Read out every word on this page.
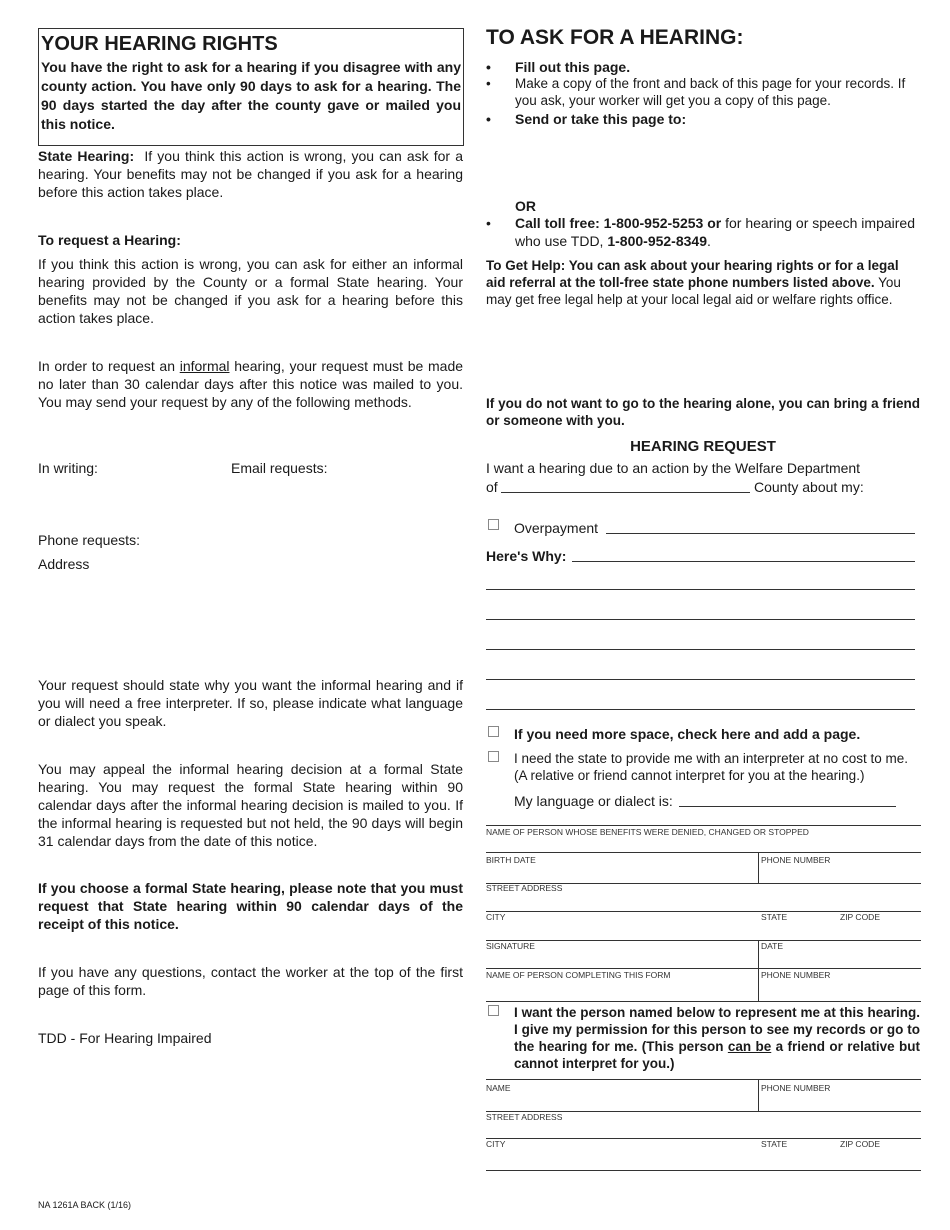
YOUR HEARING RIGHTS

You have the right to ask for a hearing if you disagree with any county action. You have only 90 days to ask for a hearing. The 90 days started the day after the county gave or mailed you this notice.

State Hearing: If you think this action is wrong, you can ask for a hearing. Your benefits may not be changed if you ask for a hearing before this action takes place.
To request a Hearing:
If you think this action is wrong, you can ask for either an informal hearing provided by the County or a formal State hearing. Your benefits may not be changed if you ask for a hearing before this action takes place.
In order to request an informal hearing, your request must be made no later than 30 calendar days after this notice was mailed to you. You may send your request by any of the following methods.
In writing:	Email requests:
Phone requests:
Address
Your request should state why you want the informal hearing and if you will need a free interpreter. If so, please indicate what language or dialect you speak.
You may appeal the informal hearing decision at a formal State hearing. You may request the formal State hearing within 90 calendar days after the informal hearing decision is mailed to you. If the informal hearing is requested but not held, the 90 days will begin 31 calendar days from the date of this notice.
If you choose a formal State hearing, please note that you must request that State hearing within 90 calendar days of the receipt of this notice.
If you have any questions, contact the worker at the top of the first page of this form.
TDD - For Hearing Impaired
NA 1261A BACK (1/16)
TO ASK FOR A HEARING:
• Fill out this page.
• Make a copy of the front and back of this page for your records. If you ask, your worker will get you a copy of this page.
• Send or take this page to:
OR
• Call toll free: 1-800-952-5253 or for hearing or speech impaired who use TDD, 1-800-952-8349.
To Get Help: You can ask about your hearing rights or for a legal aid referral at the toll-free state phone numbers listed above. You may get free legal help at your local legal aid or welfare rights office.
If you do not want to go to the hearing alone, you can bring a friend or someone with you.
HEARING REQUEST
I want a hearing due to an action by the Welfare Department
of	County about my:
Overpayment
Here's Why:
If you need more space, check here and add a page.
I need the state to provide me with an interpreter at no cost to me.
(A relative or friend cannot interpret for you at the hearing.)
My language or dialect is:
NAME OF PERSON WHOSE BENEFITS WERE DENIED, CHANGED OR STOPPED
BIRTH DATE	PHONE NUMBER
STREET ADDRESS
CITY	STATE	ZIP CODE
SIGNATURE	DATE
NAME OF PERSON COMPLETING THIS FORM	PHONE NUMBER
I want the person named below to represent me at this hearing. I give my permission for this person to see my records or go to the hearing for me. (This person can be a friend or relative but cannot interpret for you.)
NAME	PHONE NUMBER
STREET ADDRESS
CITY	STATE	ZIP CODE
